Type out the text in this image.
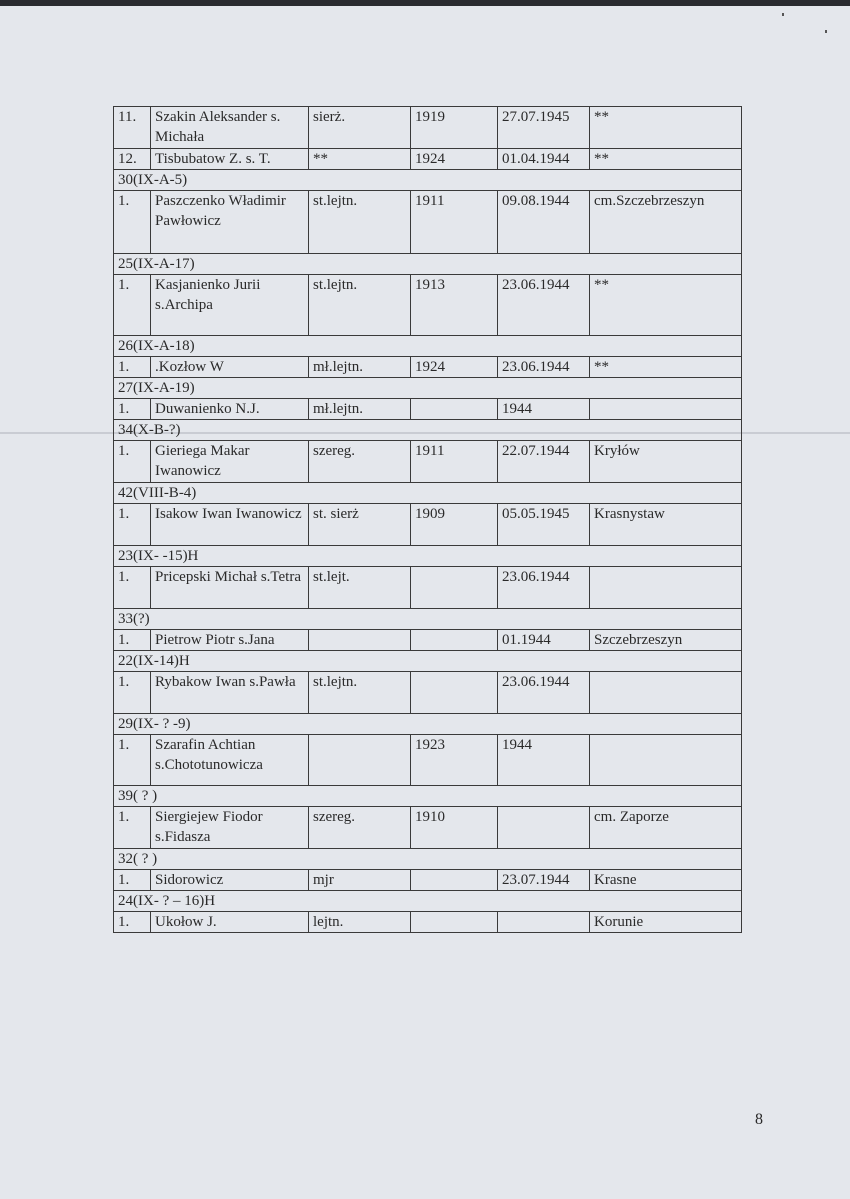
11.	Szakin Aleksander s. Michała	sierż.	1919	27.07.1945	**
12.	Tisbubatow Z. s. T.	**	1924	01.04.1944	**
30(IX-A-5)					
1.	Paszczenko Władimir Pawłowicz	st.lejtn.	1911	09.08.1944	cm.Szczebrzeszyn
25(IX-A-17)					
1.	Kasjanienko Jurii s.Archipa	st.lejtn.	1913	23.06.1944	**
26(IX-A-18)					
1.	.Kozłow W	mł.lejtn.	1924	23.06.1944	**
27(IX-A-19)					
1.	Duwanienko N.J.	mł.lejtn.		1944	
34(X-B-?)					
1.	Gieriega Makar Iwanowicz	szereg.	1911	22.07.1944	Kryłów
42(VIII-B-4)					
1.	Isakow Iwan Iwanowicz	st. sierż	1909	05.05.1945	Krasnystaw
23(IX- -15)H					
1.	Pricepski Michał s.Tetra	st.lejt.		23.06.1944	
33(?)					
1.	Pietrow Piotr s.Jana			01.1944	Szczebrzeszyn
22(IX-14)H					
1.	Rybakow Iwan s.Pawła	st.lejtn.		23.06.1944	
29(IX- ? -9)					
1.	Szarafin Achtian s.Chototunowicza		1923	1944	
39( ? )					
1.	Siergiejew Fiodor s.Fidasza	szereg.	1910		cm. Zaporze
32( ? )					
1.	Sidorowicz	mjr		23.07.1944	Krasne
24(IX- ? – 16)H					
1.	Ukołow J.	lejtn.			Korunie
8
